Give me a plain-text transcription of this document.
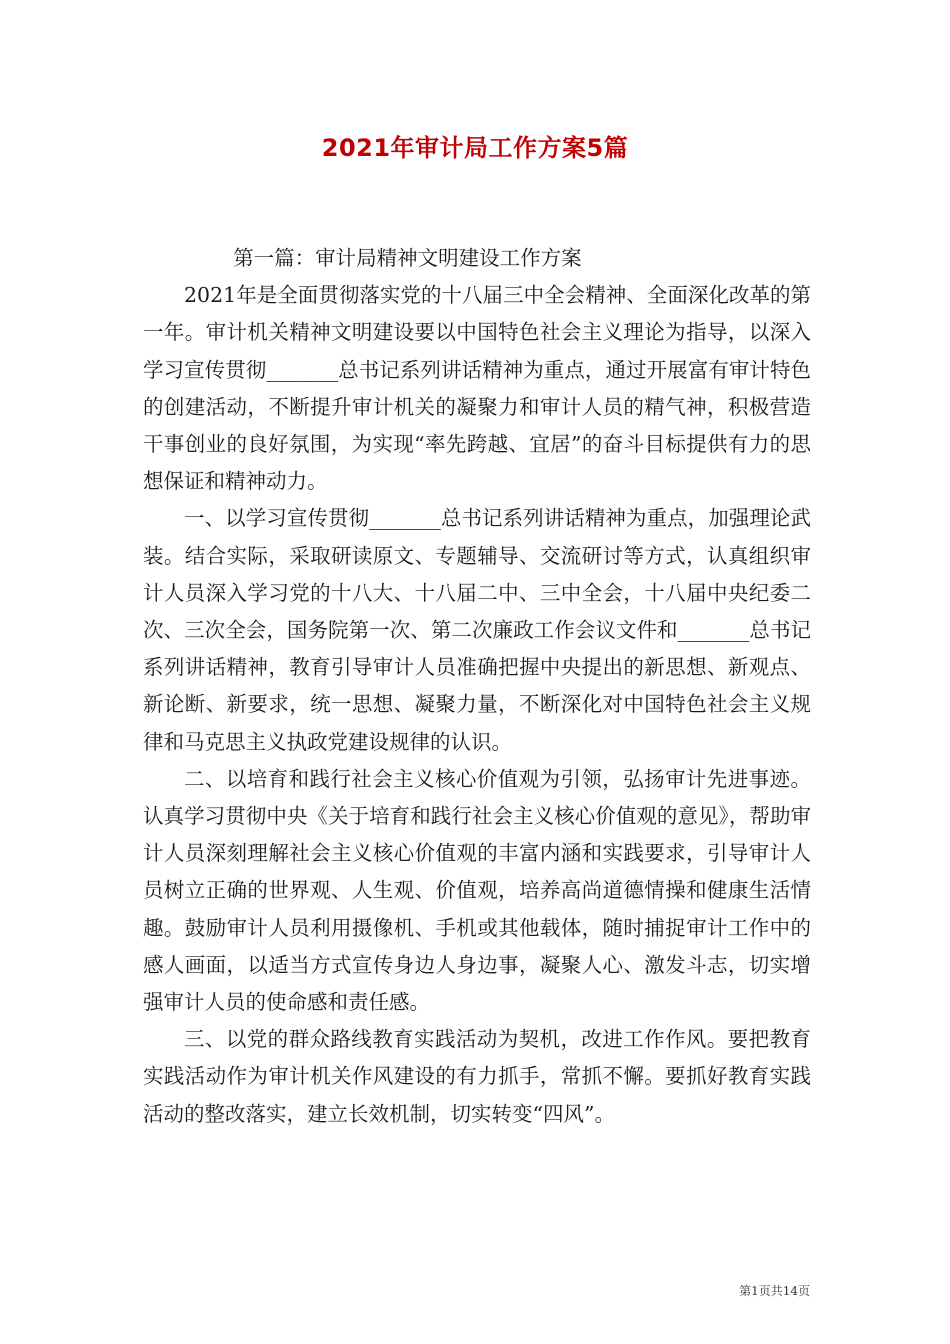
2021年审计局工作方案5篇

第一篇：审计局精神文明建设工作方案

2021年是全面贯彻落实党的十八届三中全会精神、全面深化改革的第一年。审计机关精神文明建设要以中国特色社会主义理论为指导，以深入学习宣传贯彻_______总书记系列讲话精神为重点，通过开展富有审计特色的创建活动，不断提升审计机关的凝聚力和审计人员的精气神，积极营造干事创业的良好氛围，为实现“率先跨越、宜居”的奋斗目标提供有力的思想保证和精神动力。

一、以学习宣传贯彻_______总书记系列讲话精神为重点，加强理论武装。结合实际，采取研读原文、专题辅导、交流研讨等方式，认真组织审计人员深入学习党的十八大、十八届二中、三中全会，十八届中央纪委二次、三次全会，国务院第一次、第二次廉政工作会议文件和_______总书记系列讲话精神，教育引导审计人员准确把握中央提出的新思想、新观点、新论断、新要求，统一思想、凝聚力量，不断深化对中国特色社会主义规律和马克思主义执政党建设规律的认识。

二、以培育和践行社会主义核心价值观为引领，弘扬审计先进事迹。认真学习贯彻中央《关于培育和践行社会主义核心价值观的意见》，帮助审计人员深刻理解社会主义核心价值观的丰富内涵和实践要求，引导审计人员树立正确的世界观、人生观、价值观，培养高尚道德情操和健康生活情趣。鼓励审计人员利用摄像机、手机或其他载体，随时捕捉审计工作中的感人画面，以适当方式宣传身边人身边事，凝聚人心、激发斗志，切实增强审计人员的使命感和责任感。

三、以党的群众路线教育实践活动为契机，改进工作作风。要把教育实践活动作为审计机关作风建设的有力抓手，常抓不懈。要抓好教育实践活动的整改落实，建立长效机制，切实转变“四风”。

第1页共14页
